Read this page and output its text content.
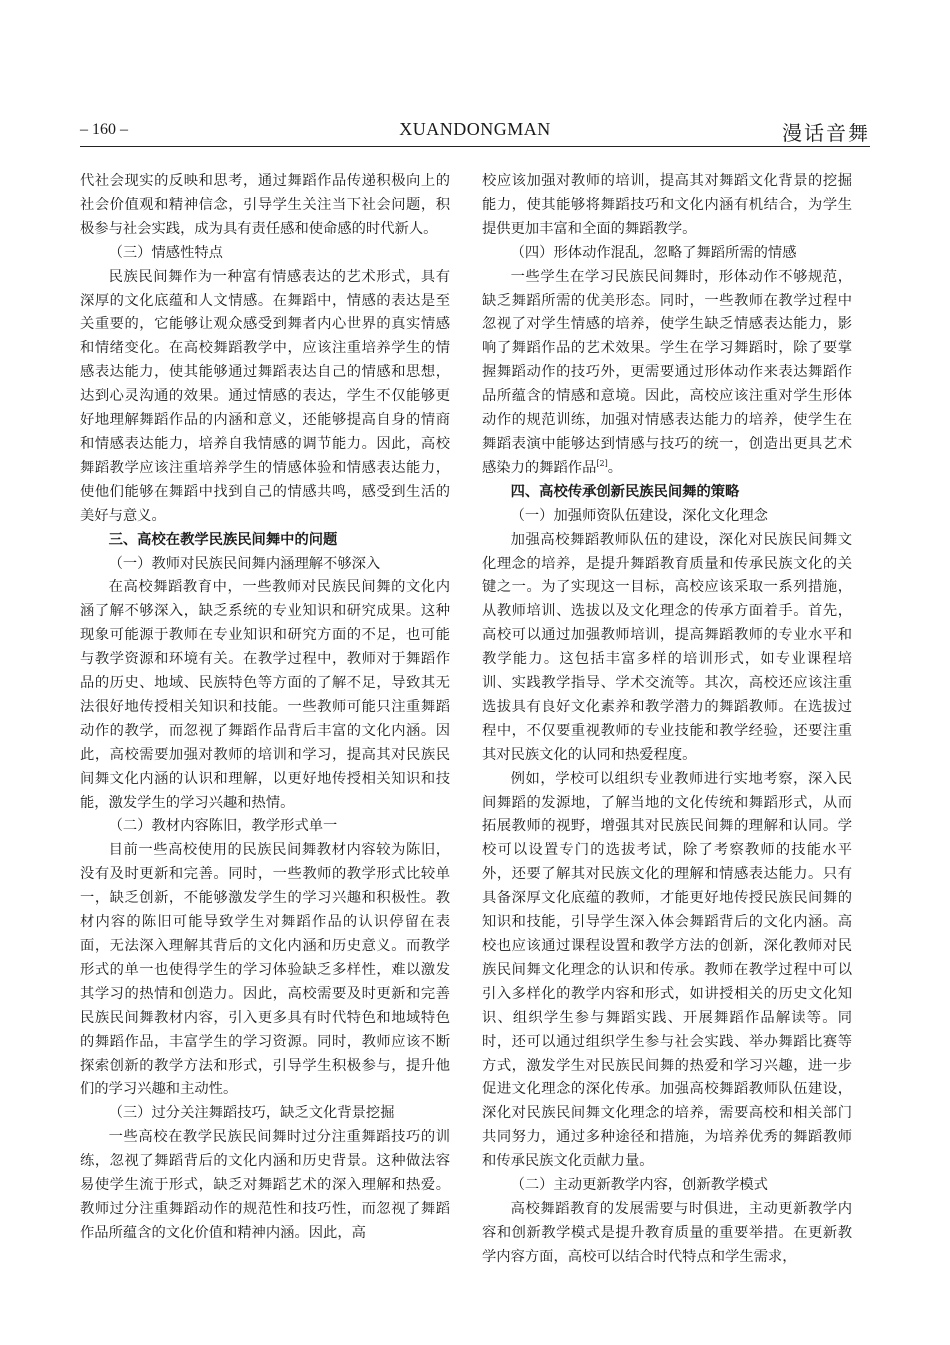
– 160 –	XUANDONGMAN	漫话音舞

代社会现实的反映和思考，通过舞蹈作品传递积极向上的社会价值观和精神信念，引导学生关注当下社会问题，积极参与社会实践，成为具有责任感和使命感的时代新人。

（三）情感性特点

民族民间舞作为一种富有情感表达的艺术形式，具有深厚的文化底蕴和人文情感。在舞蹈中，情感的表达是至关重要的，它能够让观众感受到舞者内心世界的真实情感和情绪变化。在高校舞蹈教学中，应该注重培养学生的情感表达能力，使其能够通过舞蹈表达自己的情感和思想，达到心灵沟通的效果。通过情感的表达，学生不仅能够更好地理解舞蹈作品的内涵和意义，还能够提高自身的情商和情感表达能力，培养自我情感的调节能力。因此，高校舞蹈教学应该注重培养学生的情感体验和情感表达能力，使他们能够在舞蹈中找到自己的情感共鸣，感受到生活的美好与意义。

三、高校在教学民族民间舞中的问题

（一）教师对民族民间舞内涵理解不够深入

在高校舞蹈教育中，一些教师对民族民间舞的文化内涵了解不够深入，缺乏系统的专业知识和研究成果。这种现象可能源于教师在专业知识和研究方面的不足，也可能与教学资源和环境有关。在教学过程中，教师对于舞蹈作品的历史、地域、民族特色等方面的了解不足，导致其无法很好地传授相关知识和技能。一些教师可能只注重舞蹈动作的教学，而忽视了舞蹈作品背后丰富的文化内涵。因此，高校需要加强对教师的培训和学习，提高其对民族民间舞文化内涵的认识和理解，以更好地传授相关知识和技能，激发学生的学习兴趣和热情。

（二）教材内容陈旧，教学形式单一

目前一些高校使用的民族民间舞教材内容较为陈旧，没有及时更新和完善。同时，一些教师的教学形式比较单一，缺乏创新，不能够激发学生的学习兴趣和积极性。教材内容的陈旧可能导致学生对舞蹈作品的认识停留在表面，无法深入理解其背后的文化内涵和历史意义。而教学形式的单一也使得学生的学习体验缺乏多样性，难以激发其学习的热情和创造力。因此，高校需要及时更新和完善民族民间舞教材内容，引入更多具有时代特色和地域特色的舞蹈作品，丰富学生的学习资源。同时，教师应该不断探索创新的教学方法和形式，引导学生积极参与，提升他们的学习兴趣和主动性。

（三）过分关注舞蹈技巧，缺乏文化背景挖掘

一些高校在教学民族民间舞时过分注重舞蹈技巧的训练，忽视了舞蹈背后的文化内涵和历史背景。这种做法容易使学生流于形式，缺乏对舞蹈艺术的深入理解和热爱。教师过分注重舞蹈动作的规范性和技巧性，而忽视了舞蹈作品所蕴含的文化价值和精神内涵。因此，高

校应该加强对教师的培训，提高其对舞蹈文化背景的挖掘能力，使其能够将舞蹈技巧和文化内涵有机结合，为学生提供更加丰富和全面的舞蹈教学。

（四）形体动作混乱，忽略了舞蹈所需的情感

一些学生在学习民族民间舞时，形体动作不够规范，缺乏舞蹈所需的优美形态。同时，一些教师在教学过程中忽视了对学生情感的培养，使学生缺乏情感表达能力，影响了舞蹈作品的艺术效果。学生在学习舞蹈时，除了要掌握舞蹈动作的技巧外，更需要通过形体动作来表达舞蹈作品所蕴含的情感和意境。因此，高校应该注重对学生形体动作的规范训练，加强对情感表达能力的培养，使学生在舞蹈表演中能够达到情感与技巧的统一，创造出更具艺术感染力的舞蹈作品[2]。

四、高校传承创新民族民间舞的策略

（一）加强师资队伍建设，深化文化理念

加强高校舞蹈教师队伍的建设，深化对民族民间舞文化理念的培养，是提升舞蹈教育质量和传承民族文化的关键之一。为了实现这一目标，高校应该采取一系列措施，从教师培训、选拔以及文化理念的传承方面着手。首先，高校可以通过加强教师培训，提高舞蹈教师的专业水平和教学能力。这包括丰富多样的培训形式，如专业课程培训、实践教学指导、学术交流等。其次，高校还应该注重选拔具有良好文化素养和教学潜力的舞蹈教师。在选拔过程中，不仅要重视教师的专业技能和教学经验，还要注重其对民族文化的认同和热爱程度。

例如，学校可以组织专业教师进行实地考察，深入民间舞蹈的发源地，了解当地的文化传统和舞蹈形式，从而拓展教师的视野，增强其对民族民间舞的理解和认同。学校可以设置专门的选拔考试，除了考察教师的技能水平外，还要了解其对民族文化的理解和情感表达能力。只有具备深厚文化底蕴的教师，才能更好地传授民族民间舞的知识和技能，引导学生深入体会舞蹈背后的文化内涵。高校也应该通过课程设置和教学方法的创新，深化教师对民族民间舞文化理念的认识和传承。教师在教学过程中可以引入多样化的教学内容和形式，如讲授相关的历史文化知识、组织学生参与舞蹈实践、开展舞蹈作品解读等。同时，还可以通过组织学生参与社会实践、举办舞蹈比赛等方式，激发学生对民族民间舞的热爱和学习兴趣，进一步促进文化理念的深化传承。加强高校舞蹈教师队伍建设，深化对民族民间舞文化理念的培养，需要高校和相关部门共同努力，通过多种途径和措施，为培养优秀的舞蹈教师和传承民族文化贡献力量。

（二）主动更新教学内容，创新教学模式

高校舞蹈教育的发展需要与时俱进，主动更新教学内容和创新教学模式是提升教育质量的重要举措。在更新教学内容方面，高校可以结合时代特点和学生需求，
